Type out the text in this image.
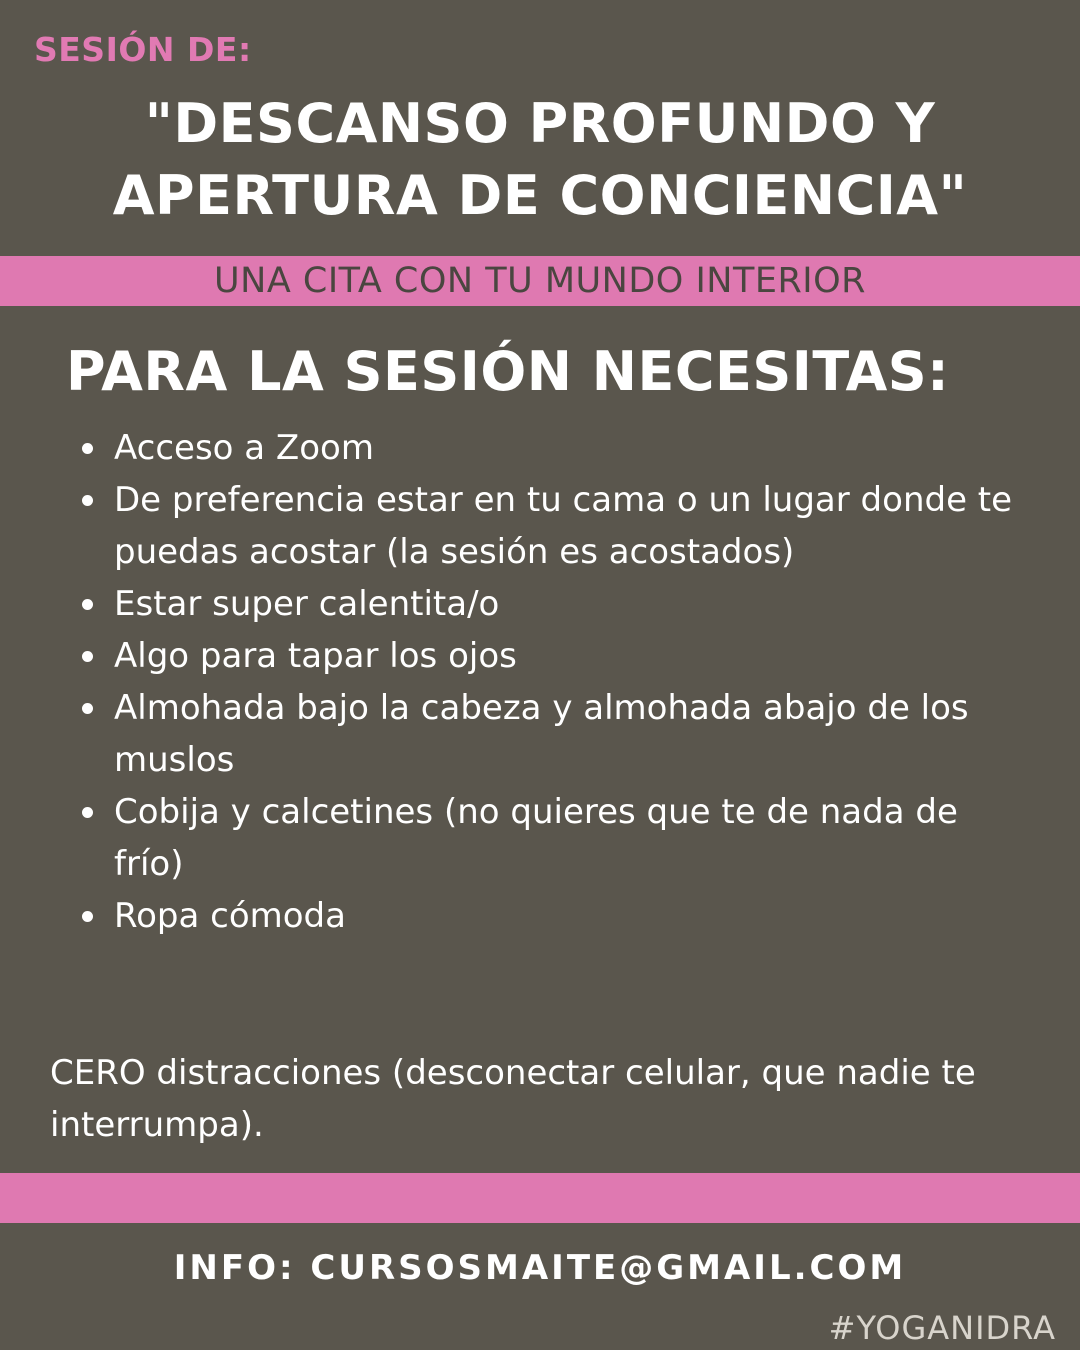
SESIÓN DE:
"DESCANSO PROFUNDO Y
APERTURA DE CONCIENCIA"
UNA CITA CON TU MUNDO INTERIOR
PARA LA SESIÓN NECESITAS:
Acceso a Zoom
De preferencia estar en tu cama o un lugar donde te puedas acostar (la sesión es acostados)
Estar super calentita/o
Algo para tapar los ojos
Almohada bajo la cabeza y almohada abajo de los muslos
Cobija y calcetines (no quieres que te de nada de frío)
Ropa cómoda
CERO distracciones (desconectar celular, que nadie te interrumpa).
INFO: CURSOSMAITE@GMAIL.COM
#YOGANIDRA
